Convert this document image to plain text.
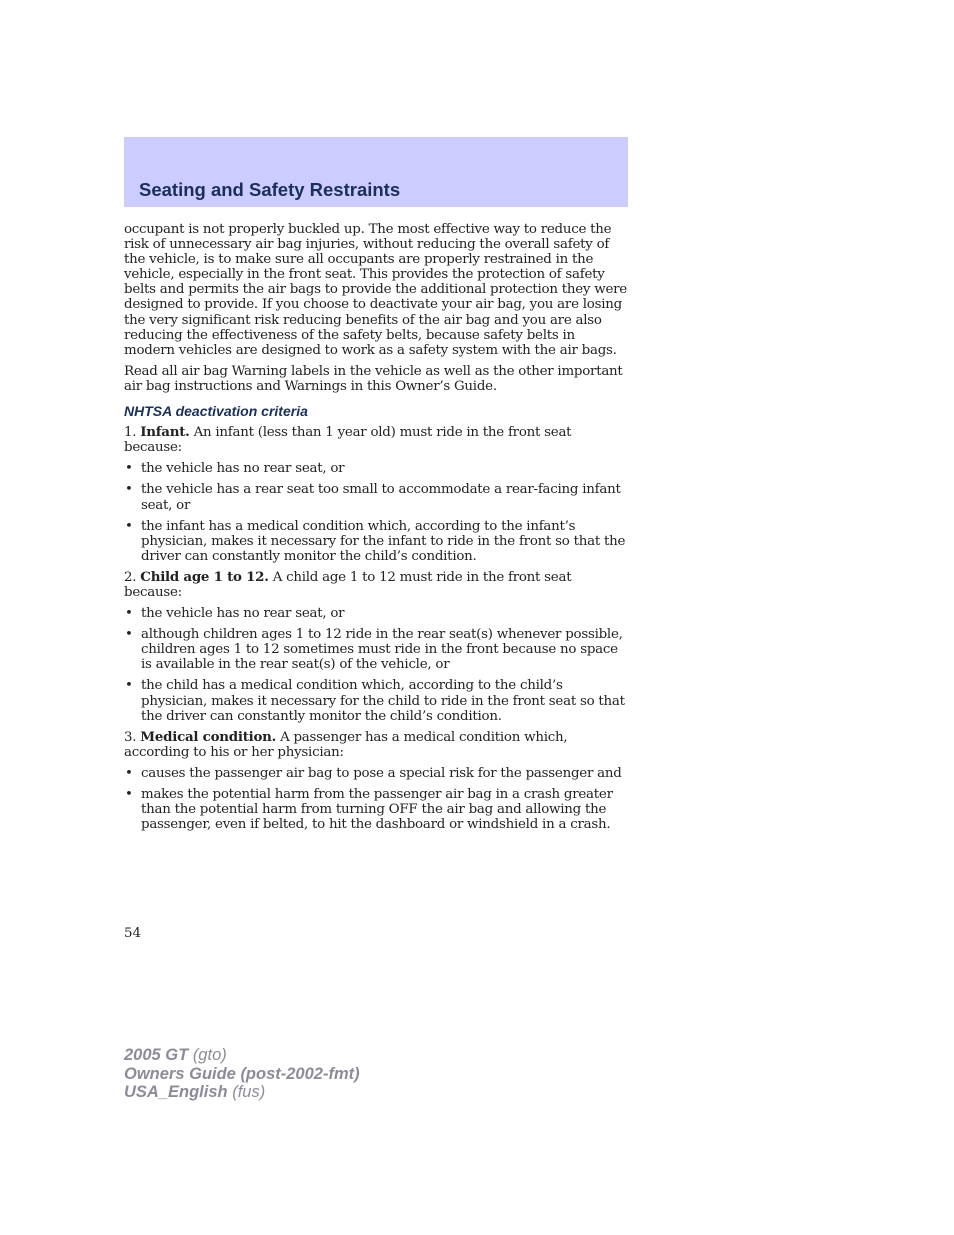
Seating and Safety Restraints

occupant is not properly buckled up. The most effective way to reduce the risk of unnecessary air bag injuries, without reducing the overall safety of the vehicle, is to make sure all occupants are properly restrained in the vehicle, especially in the front seat. This provides the protection of safety belts and permits the air bags to provide the additional protection they were designed to provide. If you choose to deactivate your air bag, you are losing the very significant risk reducing benefits of the air bag and you are also reducing the effectiveness of the safety belts, because safety belts in modern vehicles are designed to work as a safety system with the air bags.

Read all air bag Warning labels in the vehicle as well as the other important air bag instructions and Warnings in this Owner’s Guide.

NHTSA deactivation criteria

1. Infant. An infant (less than 1 year old) must ride in the front seat because:

• the vehicle has no rear seat, or
• the vehicle has a rear seat too small to accommodate a rear-facing infant seat, or
• the infant has a medical condition which, according to the infant’s physician, makes it necessary for the infant to ride in the front so that the driver can constantly monitor the child’s condition.

2. Child age 1 to 12. A child age 1 to 12 must ride in the front seat because:

• the vehicle has no rear seat, or
• although children ages 1 to 12 ride in the rear seat(s) whenever possible, children ages 1 to 12 sometimes must ride in the front because no space is available in the rear seat(s) of the vehicle, or
• the child has a medical condition which, according to the child’s physician, makes it necessary for the child to ride in the front seat so that the driver can constantly monitor the child’s condition.

3. Medical condition. A passenger has a medical condition which, according to his or her physician:

• causes the passenger air bag to pose a special risk for the passenger and
• makes the potential harm from the passenger air bag in a crash greater than the potential harm from turning OFF the air bag and allowing the passenger, even if belted, to hit the dashboard or windshield in a crash.
54
2005 GT (gto)
Owners Guide (post-2002-fmt)
USA_English (fus)
